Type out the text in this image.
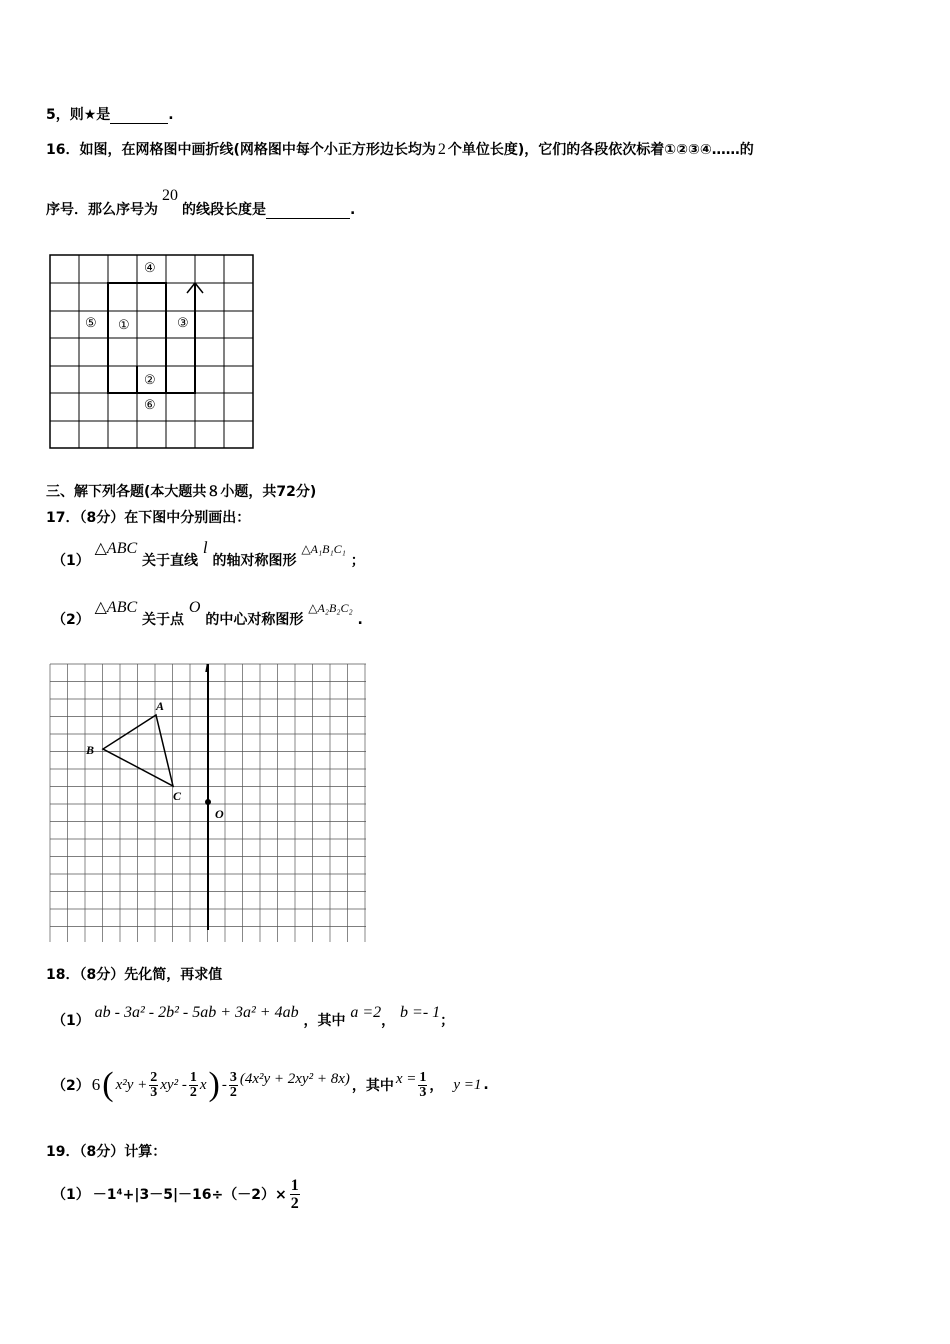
5，则★是	.
16．如图，在网格图中画折线(网格图中每个小正方形边长均为 2 个单位长度)，它们的各段依次标着①②③④……的
序号．那么序号为20的线段长度是	.
④
⑤ ①	③
②
⑥
三、解下列各题(本大题共８小题，共72分)
17．（8分）在下图中分别画出：
（1） △ABC 关于直线 l 的轴对称图形 △A₁B₁C₁ ；
（2） △ABC 关于点 O 的中心对称图形 △A₂B₂C₂ .
A
B
C
O
l
18．（8分）先化简，再求值
（1） ab - 3a² - 2b² - 5ab + 3a² + 4ab ，其中 a =2， b =- 1；
（2） 6 ( $x^2y + \frac{2}{3} xy^2 - \frac{1}{2}$ x ) - $\frac{3}{2} (4x^2y + 2xy^2 + 8x)$ ，其中 $x = \frac{1}{3}$ ， y =1 .
19．（8分）计算：
$(1) -1^4+|3-5|-16\div(-2)\times \frac{1}{2}$
